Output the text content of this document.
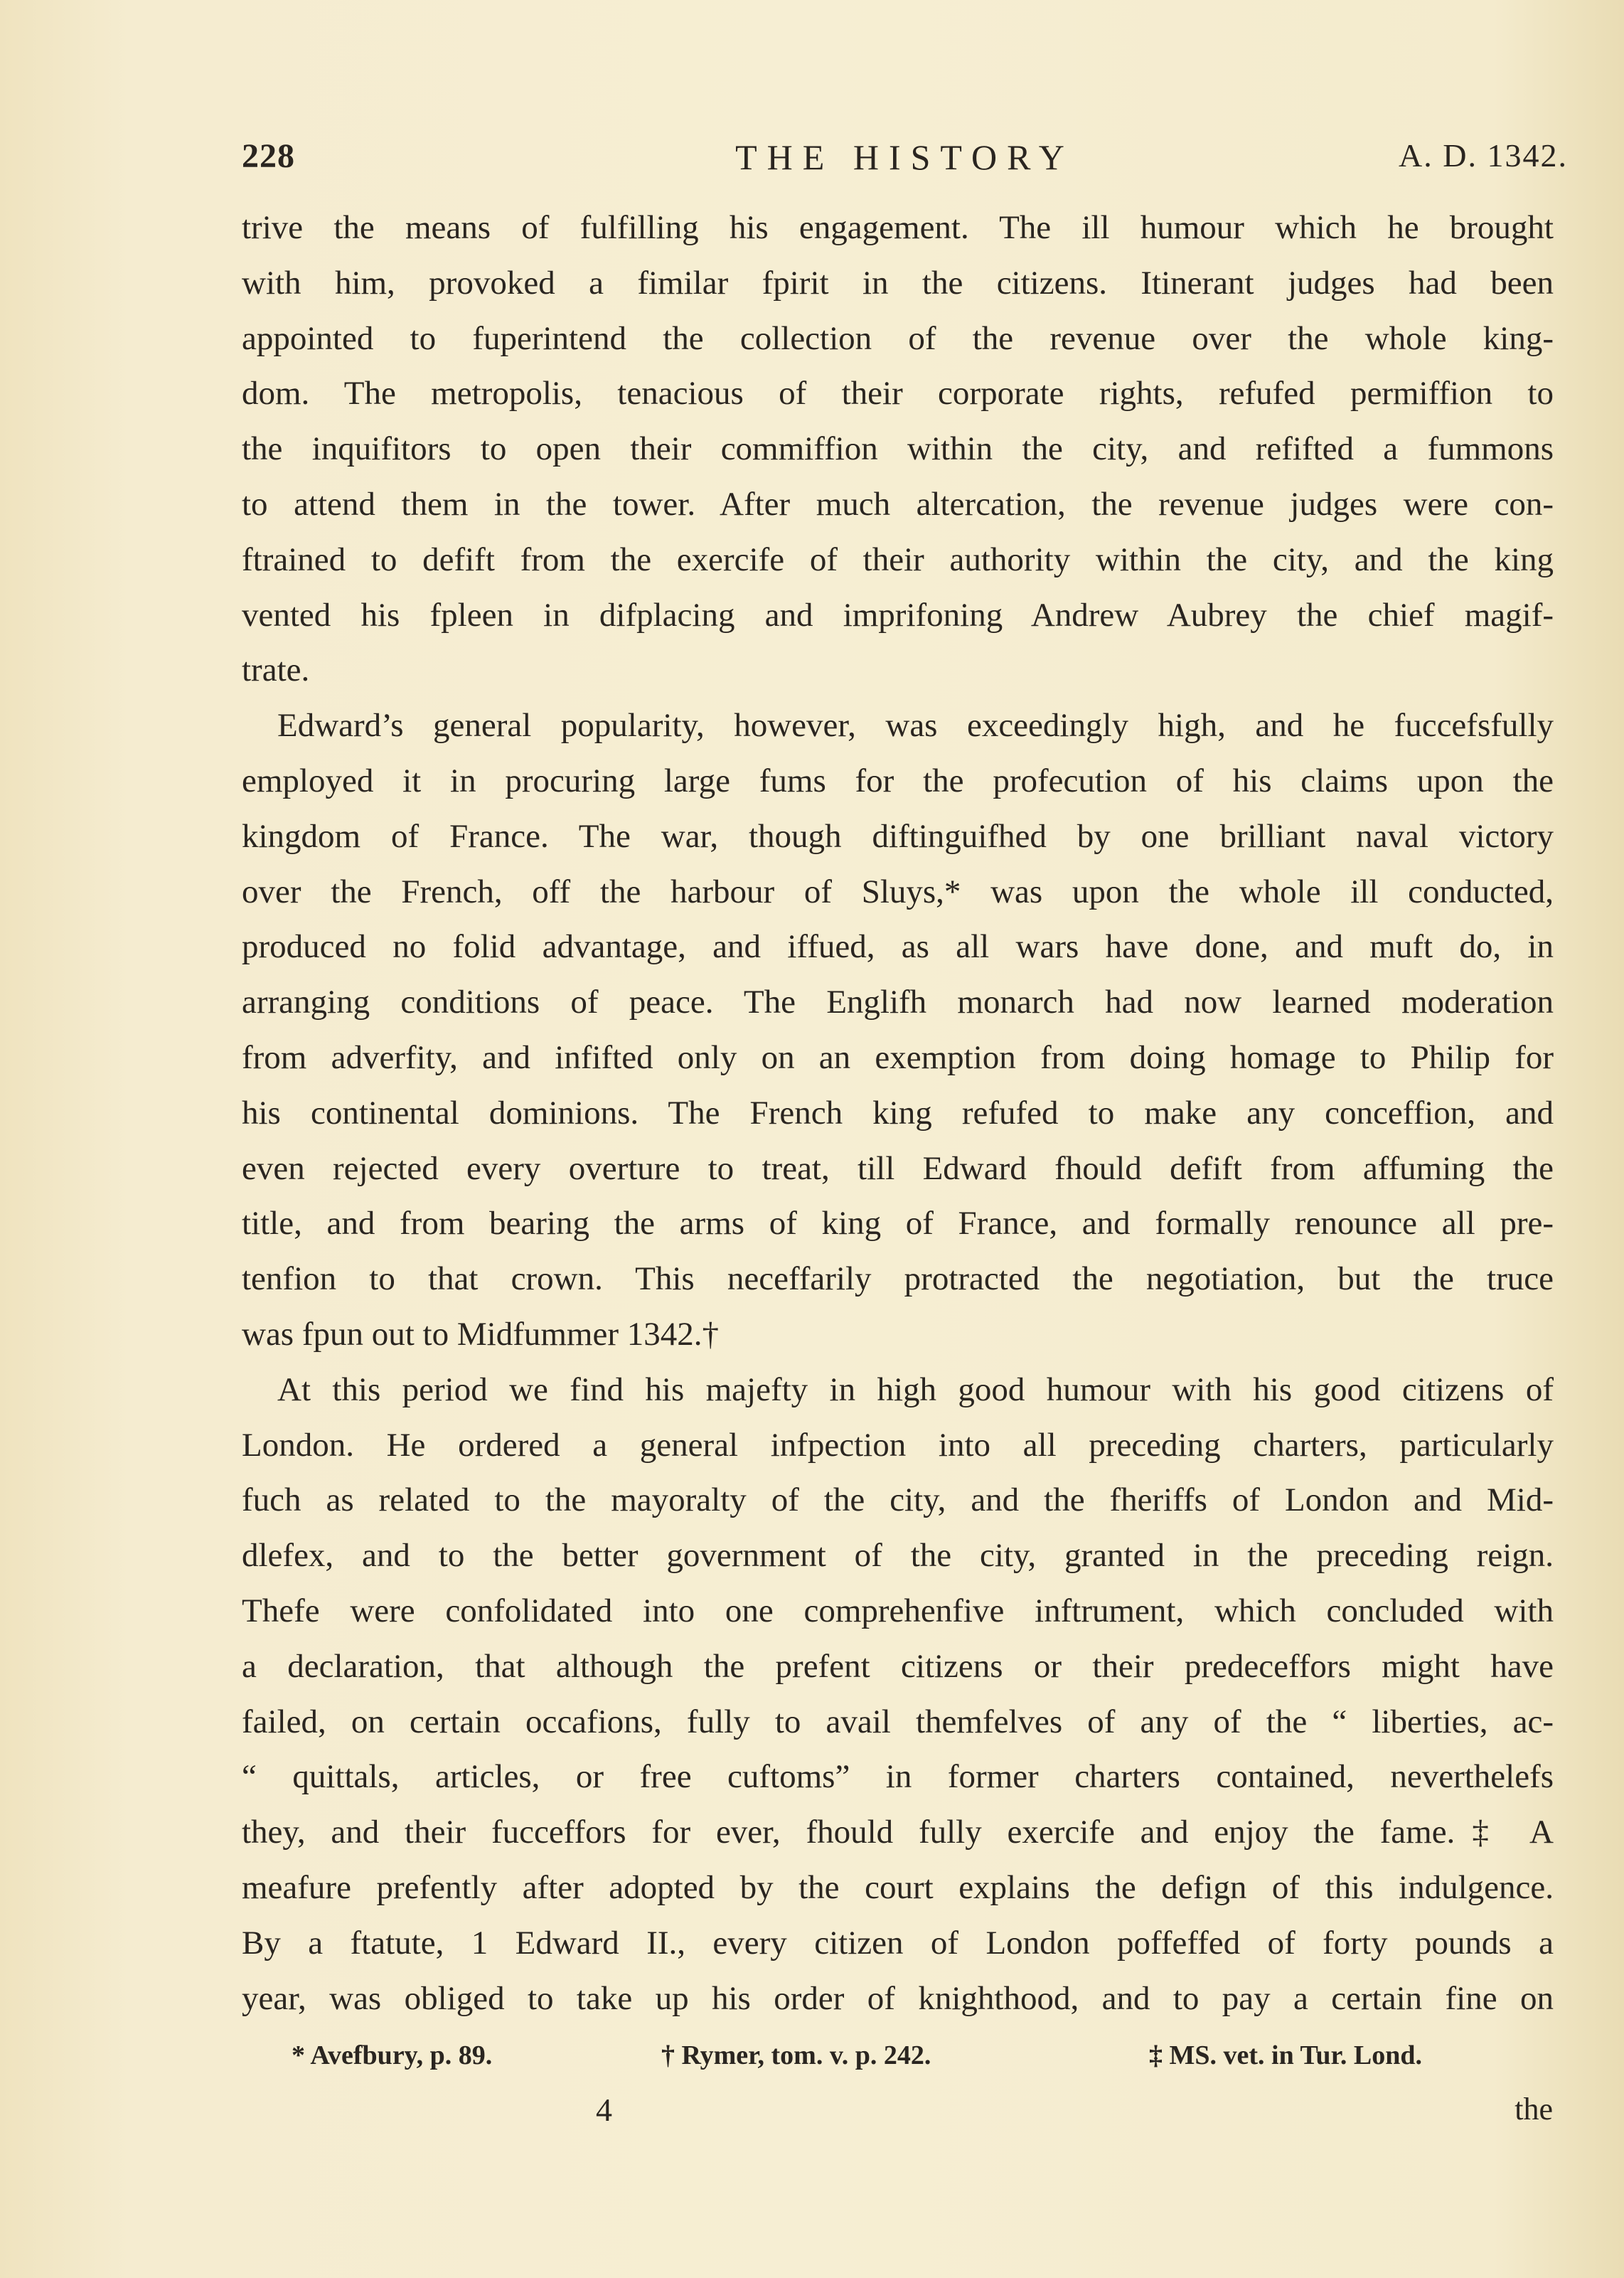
228	THE HISTORY	A. D. 1342.
trive the means of fulfilling his engagement. The ill humour which he brought
with him, provoked a fimilar fpirit in the citizens. Itinerant judges had been
appointed to fuperintend the collection of the revenue over the whole king-
dom. The metropolis, tenacious of their corporate rights, refufed permiffion to
the inquifitors to open their commiffion within the city, and refifted a fummons
to attend them in the tower. After much altercation, the revenue judges were con-
ftrained to defift from the exercife of their authority within the city, and the king
vented his fpleen in difplacing and imprifoning Andrew Aubrey the chief magif-
trate.
Edward’s general popularity, however, was exceedingly high, and he fuccefsfully
employed it in procuring large fums for the profecution of his claims upon the
kingdom of France. The war, though diftinguifhed by one brilliant naval victory
over the French, off the harbour of Sluys,* was upon the whole ill conducted,
produced no folid advantage, and iffued, as all wars have done, and muft do, in
arranging conditions of peace. The Englifh monarch had now learned moderation
from adverfity, and infifted only on an exemption from doing homage to Philip for
his continental dominions. The French king refufed to make any conceffion, and
even rejected every overture to treat, till Edward fhould defift from affuming the
title, and from bearing the arms of king of France, and formally renounce all pre-
tenfion to that crown. This neceffarily protracted the negotiation, but the truce
was fpun out to Midfummer 1342.†
At this period we find his majefty in high good humour with his good citizens of
London. He ordered a general infpection into all preceding charters, particularly
fuch as related to the mayoralty of the city, and the fheriffs of London and Mid-
dlefex, and to the better government of the city, granted in the preceding reign.
Thefe were confolidated into one comprehenfive inftrument, which concluded with
a declaration, that although the prefent citizens or their predeceffors might have
failed, on certain occafions, fully to avail themfelves of any of the “ liberties, ac-
“ quittals, articles, or free cuftoms” in former charters contained, neverthelefs
they, and their fucceffors for ever, fhould fully exercife and enjoy the fame.‡ A
meafure prefently after adopted by the court explains the defign of this indulgence.
By a ftatute, 1 Edward II., every citizen of London poffeffed of forty pounds a
year, was obliged to take up his order of knighthood, and to pay a certain fine on
* Avefbury, p. 89.	† Rymer, tom. v. p. 242.	‡ MS. vet. in Tur. Lond.
4	the
